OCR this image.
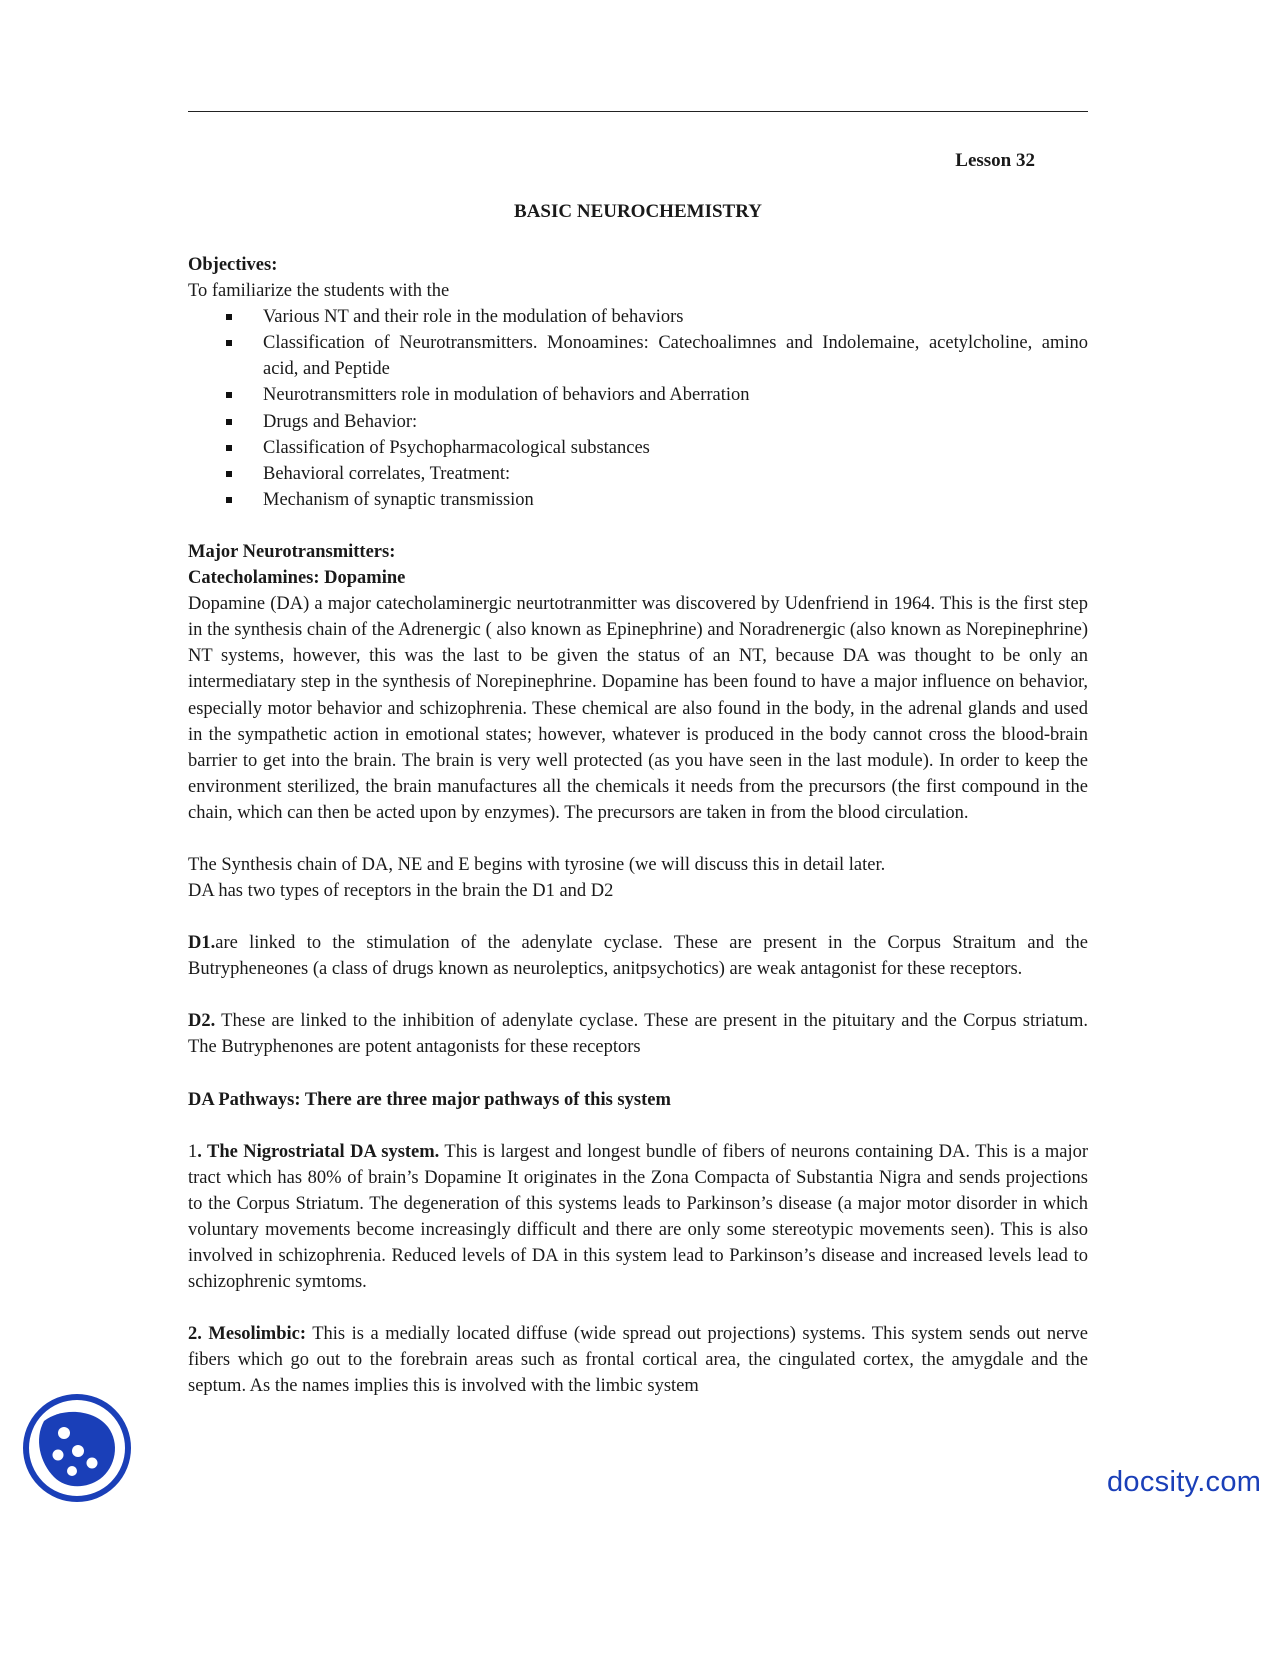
Lesson 32
BASIC NEUROCHEMISTRY
Objectives:

To familiarize the students with the

Various NT and their role in the modulation of behaviors
Classification of Neurotransmitters. Monoamines: Catechoalimnes and Indolemaine, acetylcholine, amino acid, and Peptide
Neurotransmitters role in modulation of behaviors and Aberration
Drugs and Behavior:
Classification of Psychopharmacological substances
Behavioral correlates, Treatment:
Mechanism of synaptic transmission
Major Neurotransmitters:
Catecholamines: Dopamine

Dopamine (DA) a major catecholaminergic neurtotranmitter was discovered by Udenfriend in 1964. This is the first step in the synthesis chain of the Adrenergic ( also known as Epinephrine) and Noradrenergic (also known as Norepinephrine) NT systems, however, this was the last to be given the status of an NT, because DA was thought to be only an intermediatary step in the synthesis of Norepinephrine. Dopamine has been found to have a major influence on behavior, especially motor behavior and schizophrenia. These chemical are also found in the body, in the adrenal glands and used in the sympathetic action in emotional states; however, whatever is produced in the body cannot cross the blood-brain barrier to get into the brain. The brain is very well protected (as you have seen in the last module). In order to keep the environment sterilized, the brain manufactures all the chemicals it needs from the precursors (the first compound in the chain, which can then be acted upon by enzymes). The precursors are taken in from the blood circulation.

The Synthesis chain of DA, NE and E begins with tyrosine (we will discuss this in detail later.

DA has two types of receptors in the brain the D1 and D2

D1.are linked to the stimulation of the adenylate cyclase. These are present in the Corpus Straitum and the Butrypheneones (a class of drugs known as neuroleptics, anitpsychotics) are weak antagonist for these receptors.

D2. These are linked to the inhibition of adenylate cyclase. These are present in the pituitary and the Corpus striatum. The Butryphenones are potent antagonists for these receptors

DA Pathways: There are three major pathways of this system

1. The Nigrostriatal DA system. This is largest and longest bundle of fibers of neurons containing DA. This is a major tract which has 80% of brain’s Dopamine It originates in the Zona Compacta of Substantia Nigra and sends projections to the Corpus Striatum. The degeneration of this systems leads to Parkinson’s disease (a major motor disorder in which voluntary movements become increasingly difficult and there are only some stereotypic movements seen). This is also involved in schizophrenia. Reduced levels of DA in this system lead to Parkinson’s disease and increased levels lead to schizophrenic symtoms.

2. Mesolimbic: This is a medially located diffuse (wide spread out projections) systems. This system sends out nerve fibers which go out to the forebrain areas such as frontal cortical area, the cingulated cortex, the amygdale and the septum. As the names implies this is involved with the limbic system

docsity.com
